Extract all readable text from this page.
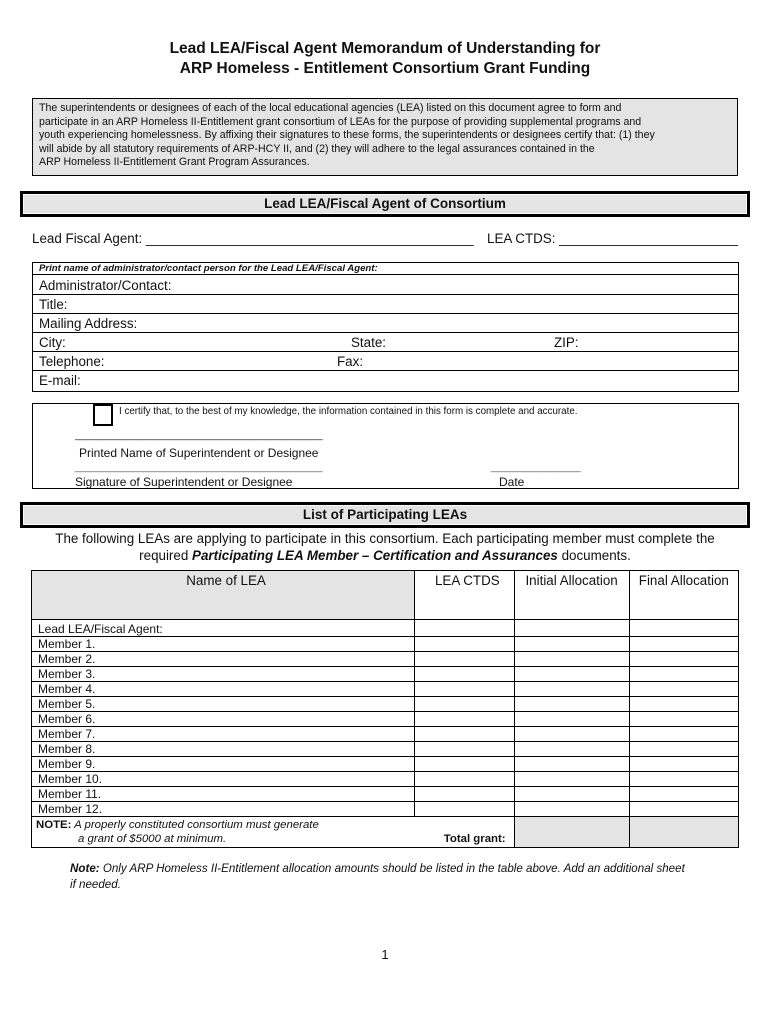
Lead LEA/Fiscal Agent Memorandum of Understanding for
ARP Homeless - Entitlement Consortium Grant Funding
The superintendents or designees of each of the local educational agencies (LEA) listed on this document agree to form and
participate in an ARP Homeless II-Entitlement grant consortium of LEAs for the purpose of providing supplemental programs and
youth experiencing homelessness. By affixing their signatures to these forms, the superintendents or designees certify that: (1) they
will abide by all statutory requirements of ARP-HCY II, and (2) they will adhere to the legal assurances contained in the
ARP Homeless II-Entitlement Grant Program Assurances.
Lead LEA/Fiscal Agent of Consortium
Lead Fiscal Agent: ____________________________________________ LEA CTDS: ________________________
Print name of administrator/contact person for the Lead LEA/Fiscal Agent:
Administrator/Contact:
Title:
Mailing Address:
City:	State:	ZIP:
Telephone:	Fax:
E-mail:
I certify that, to the best of my knowledge, the information contained in this form is complete and accurate.
_______________________________________________
Printed Name of Superintendent or Designee
_______________________________________________
Signature of Superintendent or Designee
_________________
Date
List of Participating LEAs
The following LEAs are applying to participate in this consortium. Each participating member must complete the
required Participating LEA Member – Certification and Assurances documents.
Name of LEA	LEA CTDS	Initial Allocation	Final Allocation
Lead LEA/Fiscal Agent:			
Member 1.			
Member 2.			
Member 3.			
Member 4.			
Member 5.			
Member 6.			
Member 7.			
Member 8.			
Member 9.			
Member 10.			
Member 11.			
Member 12.			

NOTE: A properly constituted consortium must generate
a grant of $5000 at minimum. Total grant:			

Note: Only ARP Homeless II-Entitlement allocation amounts should be listed in the table above. Add an additional sheet
if needed.
1
